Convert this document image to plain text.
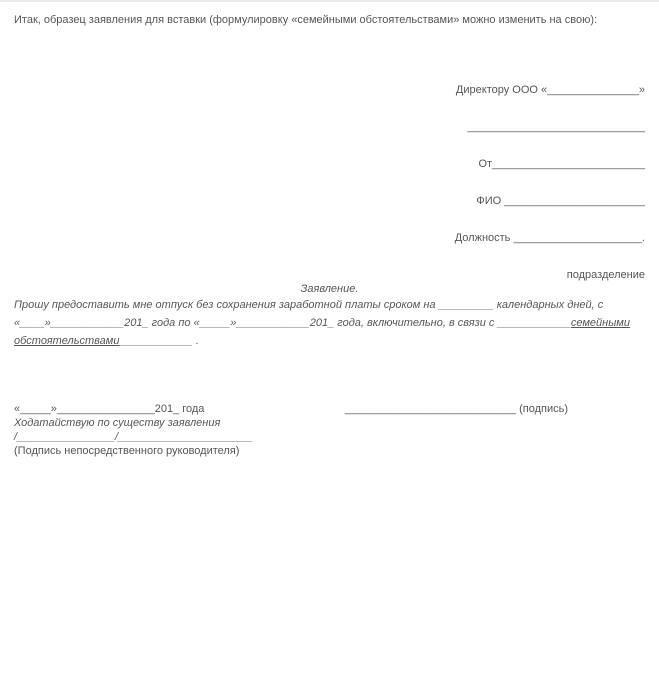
Итак, образец заявления для вставки (формулировку «семейными обстоятельствами» можно изменить на свою):

Директору ООО «_______________»

_____________________________

От_________________________

ФИО _______________________

Должность _____________________.

подразделение

Заявление.

Прошу предоставить мне отпуск без сохранения заработной платы сроком на _________ календарных дней, с «____»____________201_ года по «_____»____________201_ года, включительно, в связи с ____________семейными обстоятельствами____________ .

«_____»________________201_ года	____________________________ (подпись)

Ходатайствую по существу заявления

/________________/______________________

(Подпись непосредственного руководителя)
